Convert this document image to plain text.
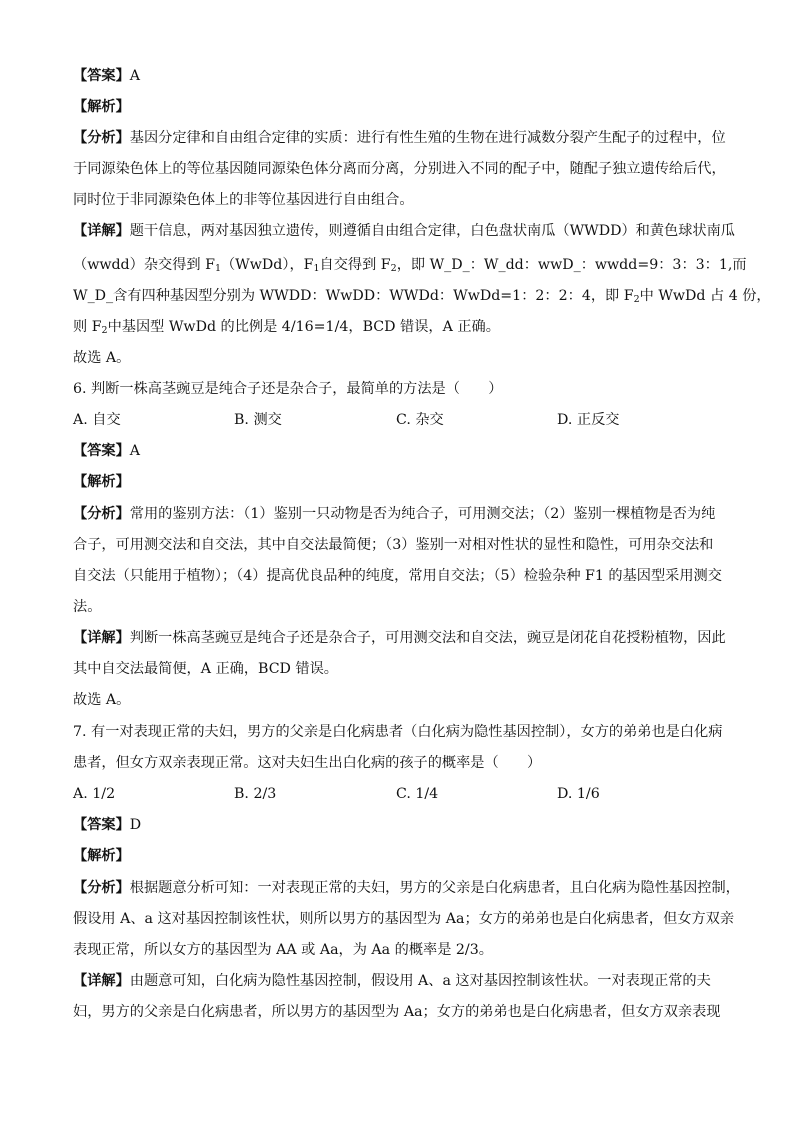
【答案】A
【解析】
【分析】基因分定律和自由组合定律的实质：进行有性生殖的生物在进行减数分裂产生配子的过程中，位
于同源染色体上的等位基因随同源染色体分离而分离，分别进入不同的配子中，随配子独立遗传给后代，
同时位于非同源染色体上的非等位基因进行自由组合。
【详解】题干信息，两对基因独立遗传，则遵循自由组合定律，白色盘状南瓜（WWDD）和黄色球状南瓜
（wwdd）杂交得到 $F_1(WwDd)$，$F_1$自交得到 $F_2$，即 W_D_：W_dd：wwD_：wwdd=9：3：3：1,而
W_D_含有四种基因型分别为 WWDD：WwDD：WWDd：WwDd=1：2：2：4，即 $F_2$中 WwDd 占 4 份，
则 $F_2$中基因型 WwDd 的比例是 4/16=1/4，BCD 错误，A 正确。
故选 A。
6. 判断一株高茎豌豆是纯合子还是杂合子，最简单的方法是（　　）
A. 自交	B. 测交	C. 杂交	D. 正反交
【答案】A
【解析】
【分析】常用的鉴别方法：（1）鉴别一只动物是否为纯合子，可用测交法；（2）鉴别一棵植物是否为纯
合子，可用测交法和自交法，其中自交法最简便；（3）鉴别一对相对性状的显性和隐性，可用杂交法和
自交法（只能用于植物）；（4）提高优良品种的纯度，常用自交法；（5）检验杂种 F1 的基因型采用测交
法。
【详解】判断一株高茎豌豆是纯合子还是杂合子，可用测交法和自交法，豌豆是闭花自花授粉植物，因此
其中自交法最简便，A 正确，BCD 错误。
故选 A。
7. 有一对表现正常的夫妇，男方的父亲是白化病患者（白化病为隐性基因控制），女方的弟弟也是白化病
患者，但女方双亲表现正常。这对夫妇生出白化病的孩子的概率是（　　）
A. 1/2	B. 2/3	C. 1/4	D. 1/6
【答案】D
【解析】
【分析】根据题意分析可知：一对表现正常的夫妇，男方的父亲是白化病患者，且白化病为隐性基因控制，
假设用 A、a 这对基因控制该性状，则所以男方的基因型为 Aa；女方的弟弟也是白化病患者，但女方双亲
表现正常，所以女方的基因型为 AA 或 Aa，为 Aa 的概率是 2/3。
【详解】由题意可知，白化病为隐性基因控制，假设用 A、a 这对基因控制该性状。一对表现正常的夫
妇，男方的父亲是白化病患者，所以男方的基因型为 Aa；女方的弟弟也是白化病患者，但女方双亲表现
